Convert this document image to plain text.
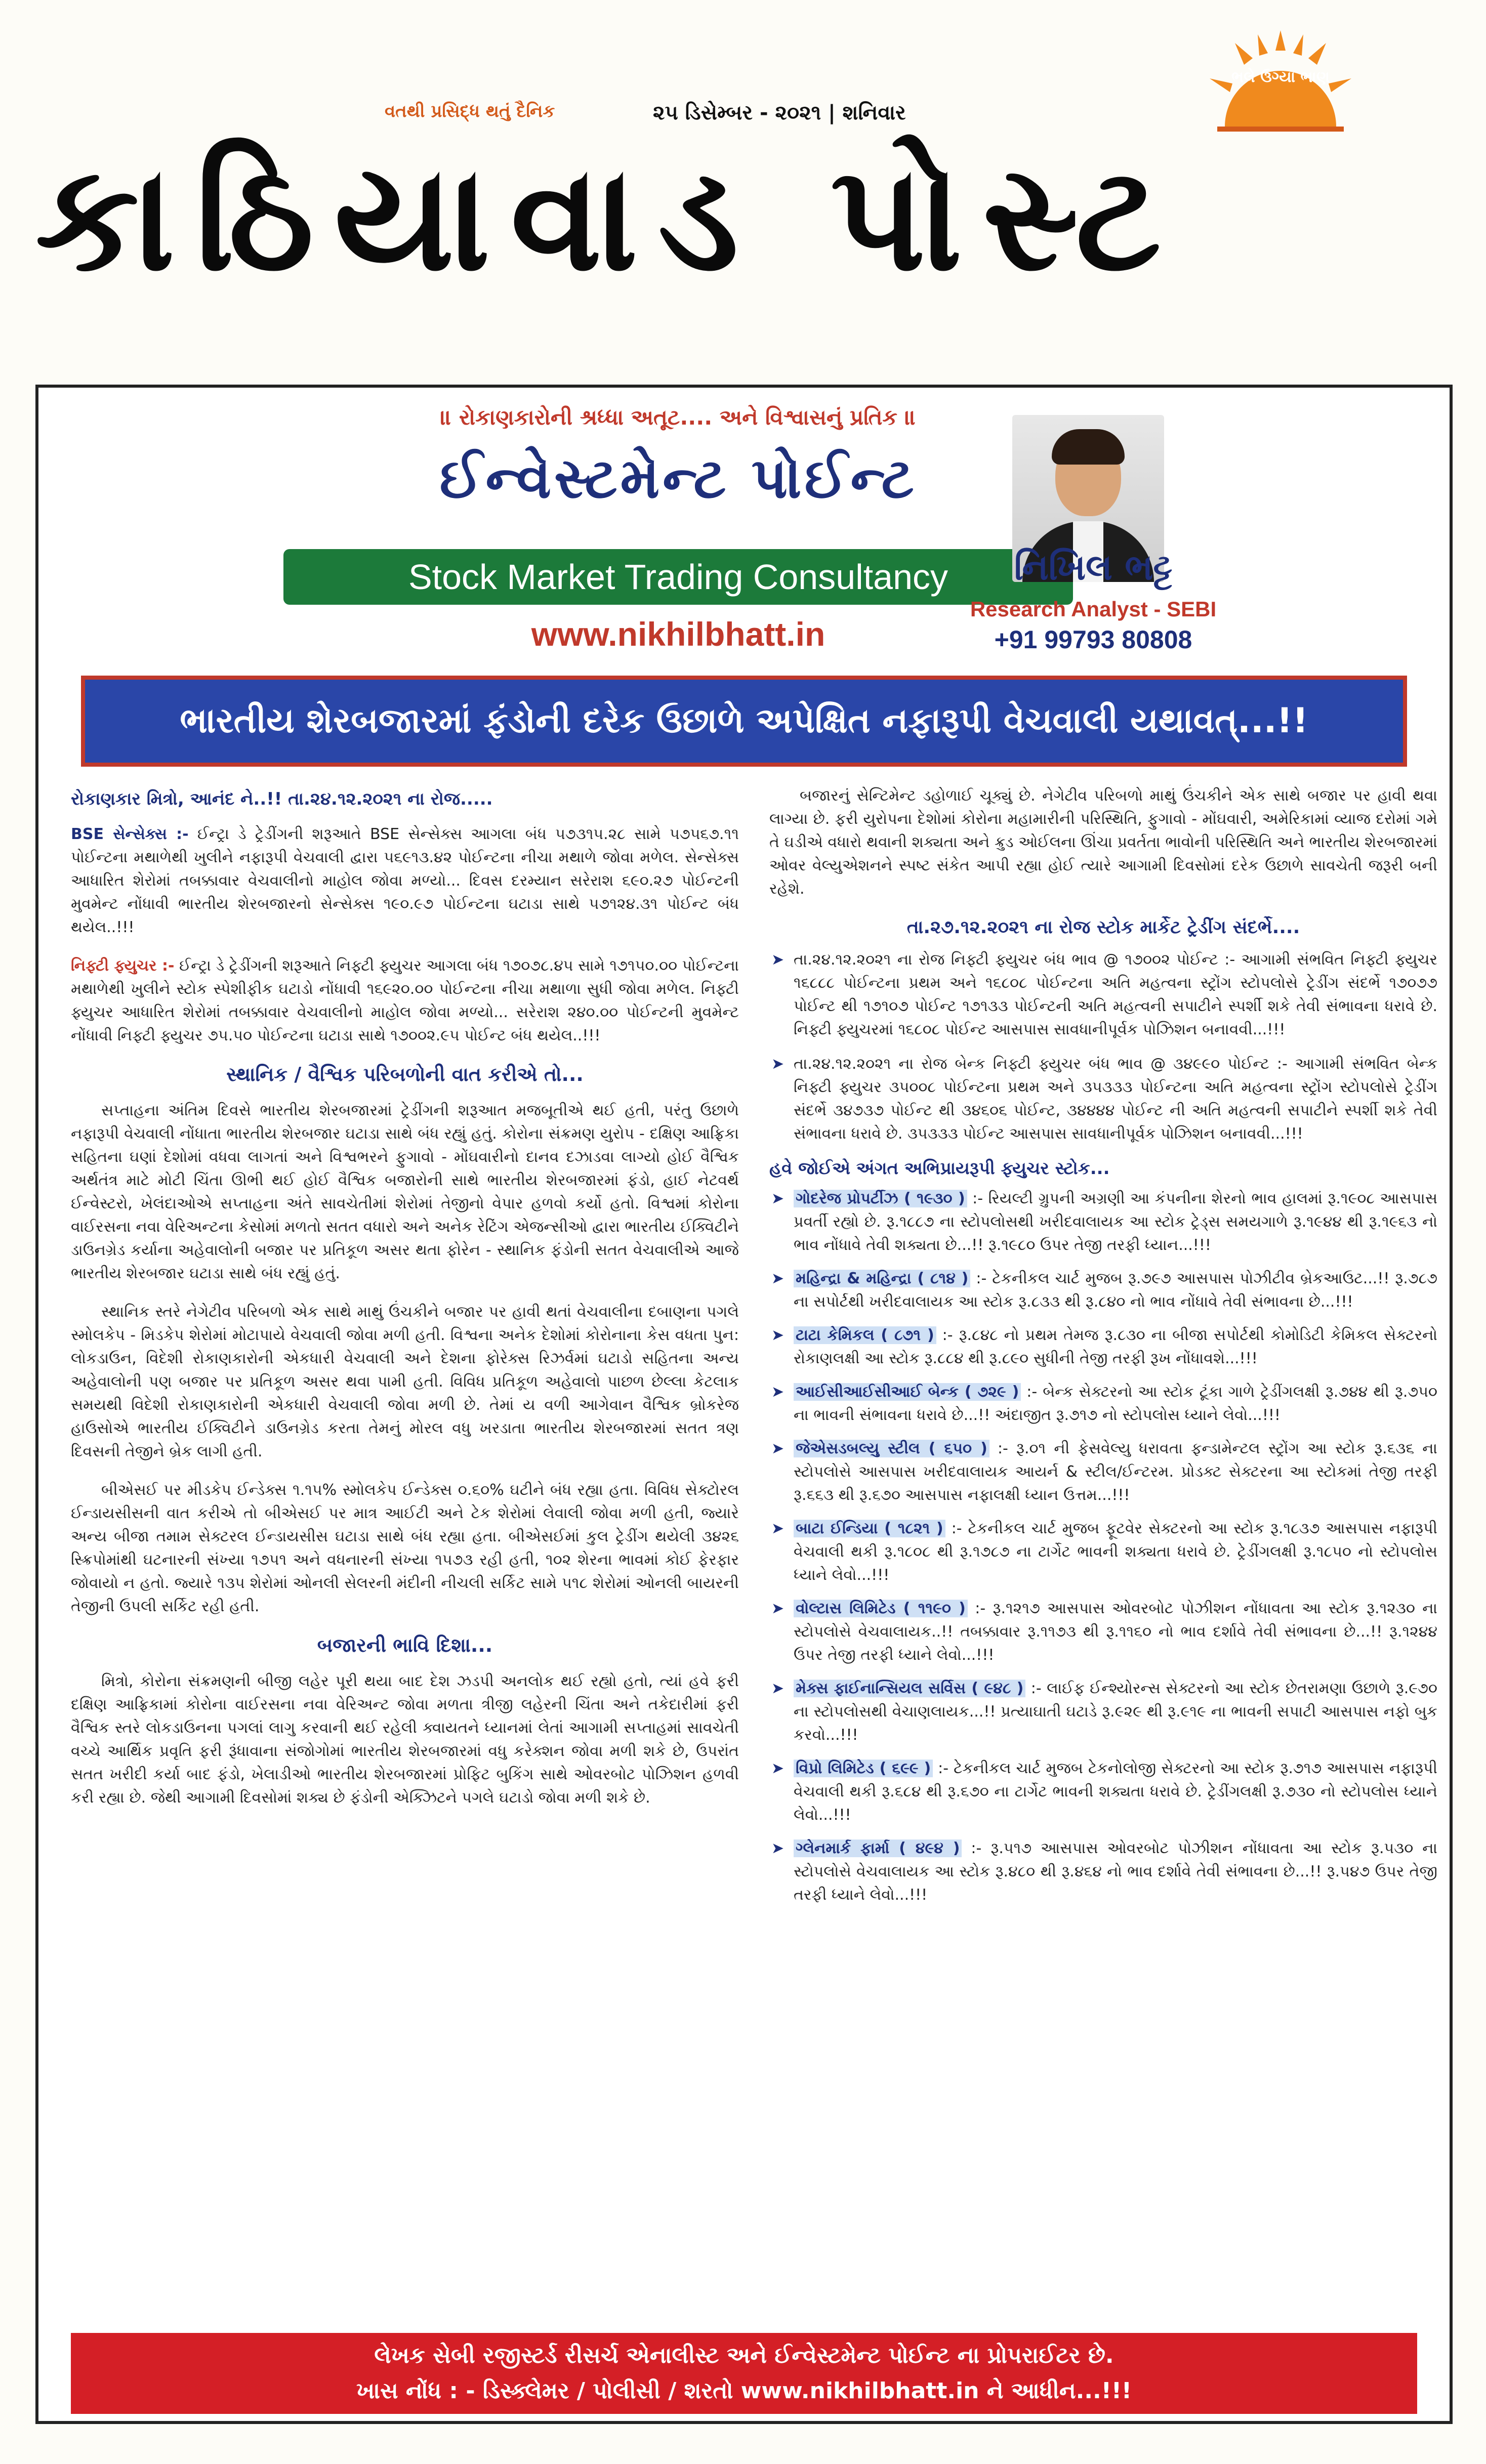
વતથી પ્રસિદ્ધ થતું દૈનિક	૨૫ ડિસેમ્બર - ૨૦૨૧ | શનિવાર
કાઠિયાવાડ પોસ્ટ
ભલે ઉગ્યા ભાણ
॥ રોકાણકારોની શ્રધ્ધા અતૂટ.... અને વિશ્વાસનું પ્રતિક ॥
ઈન્વેસ્ટમેન્ટ પોઈન્ટ
Stock Market Trading Consultancy
www.nikhilbhatt.in
નિખિલ ભટ્ટ
Research Analyst - SEBI
+91 99793 80808
ભારતીય શેરબજારમાં ફંડોની દરેક ઉછાળે અપેક્ષિત નફારૂપી વેચવાલી યથાવત્...!!
રોકાણકાર મિત્રો, આનંદ ને..!! તા.૨૪.૧૨.૨૦૨૧ ના રોજ.....

BSE સેન્સેક્સ :- ઈન્ટ્રા ડે ટ્રેડીંગની શરૂઆતે BSE સેન્સેક્સ આગલા બંધ ૫૭૩૧૫.૨૮ સામે ૫૭૫૬૭.૧૧ પોઈન્ટના મથાળેથી ખુલીને નફારૂપી વેચવાલી દ્વારા ૫૬૯૧૩.૪૨ પોઈન્ટના નીચા મથાળે જોવા મળેલ. સેન્સેક્સ આધારિત શેરોમાં તબક્કાવાર વેચવાલીનો માહોલ જોવા મળ્યો... દિવસ દરમ્યાન સરેરાશ ૬૯૦.૨૭ પોઈન્ટની મુવમેન્ટ નોંધાવી ભારતીય શેરબજારનો સેન્સેક્સ ૧૯૦.૯૭ પોઈન્ટના ઘટાડા સાથે ૫૭૧૨૪.૩૧ પોઈન્ટ બંધ થયેલ..!!!

નિફ્ટી ફ્યુચર :- ઈન્ટ્રા ડે ટ્રેડીંગની શરૂઆતે નિફ્ટી ફ્યુચર આગલા બંધ ૧૭૦૭૮.૪૫ સામે ૧૭૧૫૦.૦૦ પોઈન્ટના મથાળેથી ખુલીને સ્ટોક સ્પેશીફીક ઘટાડો નોંધાવી ૧૬૯૨૦.૦૦ પોઈન્ટના નીચા મથાળા સુધી જોવા મળેલ. નિફ્ટી ફ્યુચર આધારિત શેરોમાં તબક્કાવાર વેચવાલીનો માહોલ જોવા મળ્યો... સરેરાશ ૨૪૦.૦૦ પોઈન્ટની મુવમેન્ટ નોંધાવી નિફ્ટી ફ્યુચર ૭૫.૫૦ પોઈન્ટના ઘટાડા સાથે ૧૭૦૦૨.૯૫ પોઈન્ટ બંધ થયેલ..!!!

સ્થાનિક / વૈશ્વિક પરિબળોની વાત કરીએ તો...

સપ્તાહના અંતિમ દિવસે ભારતીય શેરબજારમાં ટ્રેડીંગની શરૂઆત મજબૂતીએ થઈ હતી, પરંતુ ઉછાળે નફારૂપી વેચવાલી નોંધાતા ભારતીય શેરબજાર ઘટાડા સાથે બંધ રહ્યું હતું. કોરોના સંક્રમણ યુરોપ - દક્ષિણ આફ્રિકા સહિતના ઘણાં દેશોમાં વધવા લાગતાં અને વિશ્વભરને ફુગાવો - મોંઘવારીનો દાનવ દઝાડવા લાગ્યો હોઈ વૈશ્વિક અર્થતંત્ર માટે મોટી ચિંતા ઊભી થઈ હોઈ વૈશ્વિક બજારોની સાથે ભારતીય શેરબજારમાં ફંડો, હાઈ નેટવર્થ ઈન્વેસ્ટરો, ખેલંદાઓએ સપ્તાહના અંતે સાવચેતીમાં શેરોમાં તેજીનો વેપાર હળવો કર્યો હતો. વિશ્વમાં કોરોના વાઈરસના નવા વેરિઅન્ટના કેસોમાં મળતો સતત વધારો અને અનેક રેટિંગ એજન્સીઓ દ્વારા ભારતીય ઈક્વિટીને ડાઉનગ્રેડ કર્યાના અહેવાલોની બજાર પર પ્રતિકૂળ અસર થતા ફોરેન - સ્થાનિક ફંડોની સતત વેચવાલીએ આજે ભારતીય શેરબજાર ઘટાડા સાથે બંધ રહ્યું હતું.

સ્થાનિક સ્તરે નેગેટીવ પરિબળો એક સાથે માથું ઉંચકીને બજાર પર હાવી થતાં વેચવાલીના દબાણના પગલે સ્મોલકેપ - મિડકેપ શેરોમાં મોટાપાયે વેચવાલી જોવા મળી હતી. વિશ્વના અનેક દેશોમાં કોરોનાના કેસ વધતા પુન: લોકડાઉન, વિદેશી રોકાણકારોની એકધારી વેચવાલી અને દેશના ફોરેક્સ રિઝર્વમાં ઘટાડો સહિતના અન્ય અહેવાલોની પણ બજાર પર પ્રતિકૂળ અસર થવા પામી હતી. વિવિધ પ્રતિકૂળ અહેવાલો પાછળ છેલ્લા કેટલાક સમયથી વિદેશી રોકાણકારોની એકધારી વેચવાલી જોવા મળી છે. તેમાં ય વળી આગેવાન વૈશ્વિક બ્રોકરેજ હાઉસોએ ભારતીય ઈક્વિટીને ડાઉનગ્રેડ કરતા તેમનું મોરલ વધુ ખરડાતા ભારતીય શેરબજારમાં સતત ત્રણ દિવસની તેજીને બ્રેક લાગી હતી.

બીએસઈ પર મીડકેપ ઈન્ડેક્સ ૧.૧૫% સ્મોલકેપ ઈન્ડેક્સ ૦.૬૦% ઘટીને બંધ રહ્યા હતા. વિવિધ સેક્ટોરલ ઈન્ડાયસીસની વાત કરીએ તો બીએસઈ પર માત્ર આઈટી અને ટેક શેરોમાં લેવાલી જોવા મળી હતી, જ્યારે અન્ય બીજા તમામ સેક્ટરલ ઈન્ડાયસીસ ઘટાડા સાથે બંધ રહ્યા હતા. બીએસઈમાં કુલ ટ્રેડીંગ થયેલી ૩૪૨૬ સ્ક્રિપોમાંથી ઘટનારની સંખ્યા ૧૭૫૧ અને વધનારની સંખ્યા ૧૫૭૩ રહી હતી, ૧૦૨ શેરના ભાવમાં કોઈ ફેરફાર જોવાયો ન હતો. જ્યારે ૧૩૫ શેરોમાં ઓનલી સેલરની મંદીની નીચલી સર્કિટ સામે ૫૧૮ શેરોમાં ઓનલી બાયરની તેજીની ઉપલી સર્કિટ રહી હતી.

બજારની ભાવિ દિશા...

મિત્રો, કોરોના સંક્રમણની બીજી લહેર પૂરી થયા બાદ દેશ ઝડપી અનલોક થઈ રહ્યો હતો, ત્યાં હવે ફરી દક્ષિણ આફ્રિકામાં કોરોના વાઈરસના નવા વેરિઅન્ટ જોવા મળતા ત્રીજી લહેરની ચિંતા અને તકેદારીમાં ફરી વૈશ્વિક સ્તરે લોકડાઉનના પગલાં લાગુ કરવાની થઈ રહેલી ક્વાયતને ધ્યાનમાં લેતાં આગામી સપ્તાહમાં સાવચેતી વચ્ચે આર્થિક પ્રવૃતિ ફરી રૂંધાવાના સંજોગોમાં ભારતીય શેરબજારમાં વધુ કરેક્શન જોવા મળી શકે છે, ઉપરાંત સતત ખરીદી કર્યા બાદ ફંડો, ખેલાડીઓ ભારતીય શેરબજારમાં પ્રોફિટ બુકિંગ સાથે ઓવરબોટ પોઝિશન હળવી કરી રહ્યા છે. જેથી આગામી દિવસોમાં શક્ય છે ફંડોની એક્ઝિટને પગલે ઘટાડો જોવા મળી શકે છે.

બજારનું સેન્ટિમેન્ટ ડહોળાઈ ચૂક્યું છે. નેગેટીવ પરિબળો માથું ઉંચકીને એક સાથે બજાર પર હાવી થવા લાગ્યા છે. ફરી યુરોપના દેશોમાં કોરોના મહામારીની પરિસ્થિતિ, ફુગાવો - મોંઘવારી, અમેરિકામાં વ્યાજ દરોમાં ગમે તે ઘડીએ વધારો થવાની શક્યતા અને ક્રુડ ઓઈલના ઊંચા પ્રવર્તતા ભાવોની પરિસ્થિતિ અને ભારતીય શેરબજારમાં ઓવર વેલ્યુએશનને સ્પષ્ટ સંકેત આપી રહ્યા હોઈ ત્યારે આગામી દિવસોમાં દરેક ઉછાળે સાવચેતી જરૂરી બની રહેશે.

તા.૨૭.૧૨.૨૦૨૧ ના રોજ સ્ટોક માર્કેટ ટ્રેડીંગ સંદર્ભે....
➤ તા.૨૪.૧૨.૨૦૨૧ ના રોજ નિફ્ટી ફ્યુચર બંધ ભાવ @ ૧૭૦૦૨ પોઈન્ટ :- આગામી સંભવિત નિફ્ટી ફ્યુચર ૧૬૮૮૮ પોઈન્ટના પ્રથમ અને ૧૬૮૦૮ પોઈન્ટના અતિ મહત્વના સ્ટ્રોંગ સ્ટોપલોસે ટ્રેડીંગ સંદર્ભે ૧૭૦૭૭ પોઈન્ટ થી ૧૭૧૦૭ પોઈન્ટ ૧૭૧૩૩ પોઈન્ટની અતિ મહત્વની સપાટીને સ્પર્શી શકે તેવી સંભાવના ધરાવે છે. નિફ્ટી ફ્યુચરમાં ૧૬૮૦૮ પોઈન્ટ આસપાસ સાવધાનીપૂર્વક પોઝિશન બનાવવી...!!!
➤ તા.૨૪.૧૨.૨૦૨૧ ના રોજ બેન્ક નિફ્ટી ફ્યુચર બંધ ભાવ @ ૩૪૯૯૦ પોઈન્ટ :- આગામી સંભવિત બેન્ક નિફ્ટી ફ્યુચર ૩૫૦૦૮ પોઈન્ટના પ્રથમ અને ૩૫૩૩૩ પોઈન્ટના અતિ મહત્વના સ્ટ્રોંગ સ્ટોપલોસે ટ્રેડીંગ સંદર્ભે ૩૪૭૩૭ પોઈન્ટ થી ૩૪૬૦૬ પોઈન્ટ, ૩૪૪૪૪ પોઈન્ટ ની અતિ મહત્વની સપાટીને સ્પર્શી શકે તેવી સંભાવના ધરાવે છે. ૩૫૩૩૩ પોઈન્ટ આસપાસ સાવધાનીપૂર્વક પોઝિશન બનાવવી...!!!
હવે જોઈએ અંગત અભિપ્રાયરૂપી ફ્યુચર સ્ટોક...
➤ ગોદરેજ પ્રોપર્ટીઝ ( ૧૯૩૦ ) :- રિયલ્ટી ગ્રુપની અગ્રણી આ કંપનીના શેરનો ભાવ હાલમાં રૂ.૧૯૦૮ આસપાસ પ્રવર્તી રહ્યો છે. રૂ.૧૮૮૭ ના સ્ટોપલોસથી ખરીદવાલાયક આ સ્ટોક ટ્રેડ્સ સમયગાળે રૂ.૧૯૪૪ થી રૂ.૧૯૬૩ નો ભાવ નોંધાવે તેવી શક્યતા છે...!! રૂ.૧૯૮૦ ઉપર તેજી તરફી ધ્યાન...!!!
➤ મહિન્દ્રા & મહિન્દ્રા ( ૮૧૪ ) :- ટેકનીકલ ચાર્ટ મુજબ રૂ.૭૯૭ આસપાસ પોઝીટીવ બ્રેકઆઉટ...!! રૂ.૭૮૭ ના સપોર્ટથી ખરીદવાલાયક આ સ્ટોક રૂ.૮૩૩ થી રૂ.૮૪૦ નો ભાવ નોંધાવે તેવી સંભાવના છે...!!!
➤ ટાટા કેમિકલ ( ૮૭૧ ) :- રૂ.૮૪૮ નો પ્રથમ તેમજ રૂ.૮૩૦ ના બીજા સપોર્ટથી કોમોડિટી કેમિકલ સેક્ટરનો રોકાણલક્ષી આ સ્ટોક રૂ.૮૮૪ થી રૂ.૮૯૦ સુધીની તેજી તરફી રૂખ નોંધાવશે...!!!
➤ આઈસીઆઈસીઆઈ બેન્ક ( ૭૨૯ ) :- બેન્ક સેક્ટરનો આ સ્ટોક ટૂંકા ગાળે ટ્રેડીંગલક્ષી રૂ.૭૪૪ થી રૂ.૭૫૦ ના ભાવની સંભાવના ધરાવે છે...!! અંદાજીત રૂ.૭૧૭ નો સ્ટોપલોસ ધ્યાને લેવો...!!!
➤ જેએસડબલ્યુ સ્ટીલ ( ૬૫૦ ) :- રૂ.૦૧ ની ફેસવેલ્યુ ધરાવતા ફન્ડામેન્ટલ સ્ટ્રોંગ આ સ્ટોક રૂ.૬૩૬ ના સ્ટોપલોસે આસપાસ ખરીદવાલાયક આયર્ન & સ્ટીલ/ઈન્ટરમ. પ્રોડક્ટ સેક્ટરના આ સ્ટોકમાં તેજી તરફી રૂ.૬૬૩ થી રૂ.૬૭૦ આસપાસ નફાલક્ષી ધ્યાન ઉત્તમ...!!!
➤ બાટા ઈન્ડિયા ( ૧૮૨૧ ) :- ટેકનીકલ ચાર્ટ મુજબ ફૂટવેર સેક્ટરનો આ સ્ટોક રૂ.૧૮૩૭ આસપાસ નફારૂપી વેચવાલી થકી રૂ.૧૮૦૮ થી રૂ.૧૭૮૭ ના ટાર્ગેટ ભાવની શક્યતા ધરાવે છે. ટ્રેડીંગલક્ષી રૂ.૧૮૫૦ નો સ્ટોપલોસ ધ્યાને લેવો...!!!
➤ વોલ્ટાસ લિમિટેડ ( ૧૧૯૦ ) :- રૂ.૧૨૧૭ આસપાસ ઓવરબોટ પોઝીશન નોંધાવતા આ સ્ટોક રૂ.૧૨૩૦ ના સ્ટોપલોસે વેચવાલાયક..!! તબક્કાવાર રૂ.૧૧૭૩ થી રૂ.૧૧૬૦ નો ભાવ દર્શાવે તેવી સંભાવના છે...!! રૂ.૧૨૪૪ ઉપર તેજી તરફી ધ્યાને લેવો...!!!
➤ મેક્સ ફાઈનાન્સિયલ સર્વિસ ( ૯૪૮ ) :- લાઈફ ઈન્શ્યોરન્સ સેક્ટરનો આ સ્ટોક છેતરામણા ઉછાળે રૂ.૯૭૦ ના સ્ટોપલોસથી વેચાણલાયક...!! પ્રત્યાઘાતી ઘટાડે રૂ.૯૨૯ થી રૂ.૯૧૯ ના ભાવની સપાટી આસપાસ નફો બુક કરવો...!!!
➤ વિપ્રો લિમિટેડ ( ૬૯૯ ) :- ટેકનીકલ ચાર્ટ મુજબ ટેકનોલોજી સેક્ટરનો આ સ્ટોક રૂ.૭૧૭ આસપાસ નફારૂપી વેચવાલી થકી રૂ.૬૮૪ થી રૂ.૬૭૦ ના ટાર્ગેટ ભાવની શક્યતા ધરાવે છે. ટ્રેડીંગલક્ષી રૂ.૭૩૦ નો સ્ટોપલોસ ધ્યાને લેવો...!!!
➤ ગ્લેનમાર્ક ફાર્મા ( ૪૯૪ ) :- રૂ.૫૧૭ આસપાસ ઓવરબોટ પોઝીશન નોંધાવતા આ સ્ટોક રૂ.૫૩૦ ના સ્ટોપલોસે વેચવાલાયક આ સ્ટોક રૂ.૪૮૦ થી રૂ.૪૬૪ નો ભાવ દર્શાવે તેવી સંભાવના છે...!! રૂ.૫૪૭ ઉપર તેજી તરફી ધ્યાને લેવો...!!!
લેખક સેબી રજીસ્ટર્ડ રીસર્ચ એનાલીસ્ટ અને ઈન્વેસ્ટમેન્ટ પોઈન્ટ ના પ્રોપરાઈટર છે.
ખાસ નોંધ : - ડિસ્ક્લેમર / પોલીસી / શરતો www.nikhilbhatt.in ને આધીન...!!!
